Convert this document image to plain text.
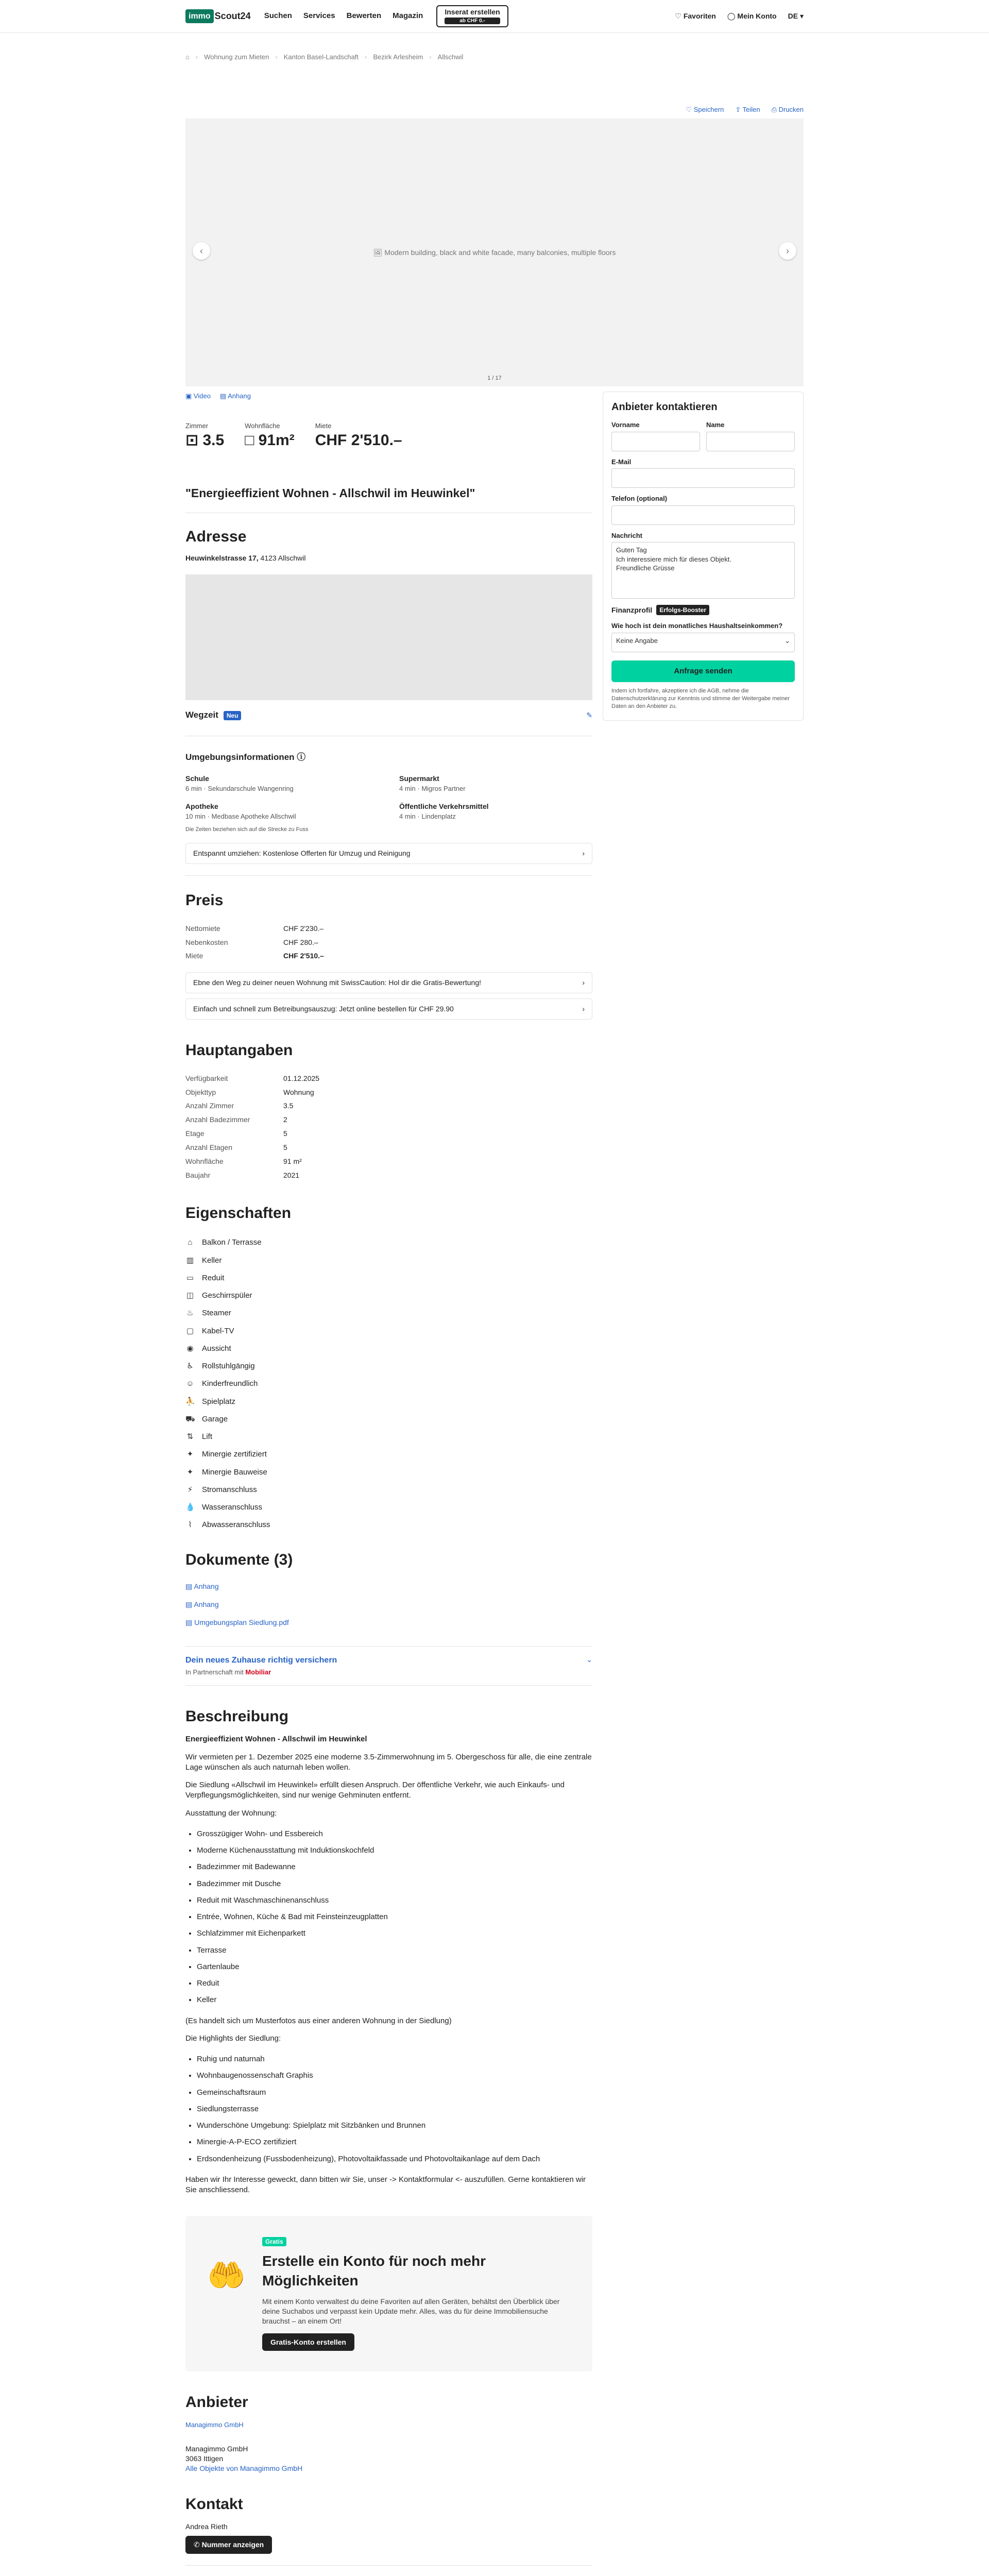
immo Scout24 Suchen Services Bewerten Magazin	Inserat erstellen
ab CHF 0.-
♡ Favoriten ◯ Mein Konto DE ▾
⌂ › Wohnung zum Mieten › Kanton Basel-Landschaft › Bezirk Arlesheim › Allschwil
♡ Speichern ⇪ Teilen ⎙ Drucken
🖼 Modern building, black and white facade, many balconies, multiple floors
‹	›
1 / 17
▣ Video ▤ Anhang
Zimmer
⊡ 3.5
Wohnfläche
□ 91m²
Miete
CHF 2'510.–
"Energieeffizient Wohnen - Allschwil im Heuwinkel"
Adresse
Heuwinkelstrasse 17, 4123 Allschwil
Wegzeit Neu	✎
Umgebungsinformationen ⓘ
Schule
6 min · Sekundarschule Wangenring
Supermarkt
4 min · Migros Partner
Apotheke
10 min · Medbase Apotheke Allschwil
Öffentliche Verkehrsmittel
4 min · Lindenplatz
Die Zeiten beziehen sich auf die Strecke zu Fuss
Entspannt umziehen: Kostenlose Offerten für Umzug und Reinigung	›
Preis
Nettomiete	CHF 2'230.–
Nebenkosten	CHF 280.–
Miete	CHF 2'510.–
Ebne den Weg zu deiner neuen Wohnung mit SwissCaution: Hol dir die Gratis-Bewertung!	›
Einfach und schnell zum Betreibungsauszug: Jetzt online bestellen für CHF 29.90	›
Hauptangaben
Verfügbarkeit	01.12.2025
Objekttyp	Wohnung
Anzahl Zimmer	3.5
Anzahl Badezimmer	2
Etage	5
Anzahl Etagen	5
Wohnfläche	91 m²
Baujahr	2021
Eigenschaften
⌂ Balkon / Terrasse
▥ Keller
▭ Reduit
◫ Geschirrspüler
♨ Steamer
▢ Kabel-TV
◉ Aussicht
♿ Rollstuhlgängig
☺ Kinderfreundlich
⛹ Spielplatz
⛟ Garage
⇅ Lift
✦ Minergie zertifiziert
✦ Minergie Bauweise
⚡ Stromanschluss
💧 Wasseranschluss
⌇	Abwasseranschluss
Dokumente (3)
▤ Anhang
▤ Anhang
▤ Umgebungsplan Siedlung.pdf
Dein neues Zuhause richtig versichern
In Partnerschaft mit Mobiliar
⌄
Beschreibung

Energieeffizient Wohnen - Allschwil im Heuwinkel

Wir vermieten per 1. Dezember 2025 eine moderne 3.5-Zimmerwohnung im 5. Obergeschoss für alle, die eine zentrale Lage wünschen als auch naturnah leben wollen.

Die Siedlung «Allschwil im Heuwinkel» erfüllt diesen Anspruch. Der öffentliche Verkehr, wie auch Einkaufs- und Verpflegungsmöglichkeiten, sind nur wenige Gehminuten entfernt.

Ausstattung der Wohnung:

• Grosszügiger Wohn- und Essbereich
• Moderne Küchenausstattung mit Induktionskochfeld
• Badezimmer mit Badewanne
• Badezimmer mit Dusche
• Reduit mit Waschmaschinenanschluss
• Entrée, Wohnen, Küche & Bad mit Feinsteinzeugplatten
• Schlafzimmer mit Eichenparkett
• Terrasse
• Gartenlaube
• Reduit
• Keller

(Es handelt sich um Musterfotos aus einer anderen Wohnung in der Siedlung)

Die Highlights der Siedlung:

• Ruhig und naturnah
• Wohnbaugenossenschaft Graphis
• Gemeinschaftsraum
• Siedlungsterrasse
• Wunderschöne Umgebung: Spielplatz mit Sitzbänken und Brunnen
• Minergie-A-P-ECO zertifiziert
• Erdsondenheizung (Fussbodenheizung), Photovoltaikfassade und Photovoltaikanlage auf dem Dach

Haben wir Ihr Interesse geweckt, dann bitten wir Sie, unser -> Kontaktformular <- auszufüllen. Gerne kontaktieren wir Sie anschliessend.

🤲
Gratis
Erstelle ein Konto für noch mehr Möglichkeiten
Mit einem Konto verwaltest du deine Favoriten auf allen Geräten, behältst den Überblick über deine Suchabos und verpasst kein Update mehr. Alles, was du für deine Immobiliensuche brauchst – an einem Ort!
Gratis-Konto erstellen
Anbieter
Managimmo GmbH
Managimmo GmbH
3063 Ittigen
Alle Objekte von Managimmo GmbH
Kontakt
Andrea Rieth
✆ Nummer anzeigen

Anbieter kontaktieren
Vorname	Name
E-Mail
Telefon (optional)
Nachricht
Guten Tag
Ich interessiere mich für dieses Objekt.
Freundliche Grüsse
Finanzprofil	Erfolgs-Booster
Wie hoch ist dein monatliches Haushaltseinkommen?
Keine Angabe	⌄
Anfrage senden
Indem ich fortfahre, akzeptiere ich die AGB, nehme die Datenschutzerklärung zur Kenntnis und stimme der Weitergabe meiner Daten an den Anbieter zu.
